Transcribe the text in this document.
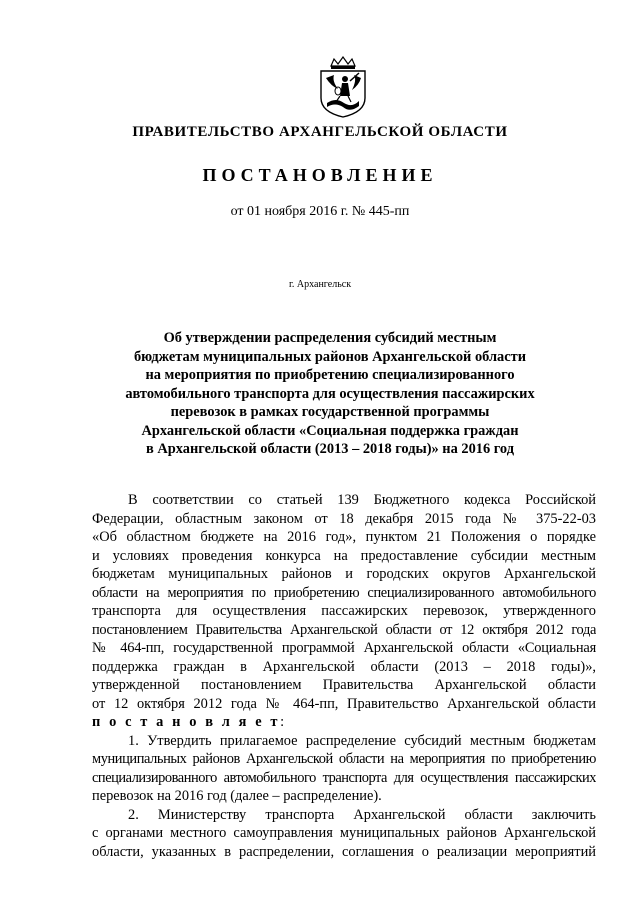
ПРАВИТЕЛЬСТВО АРХАНГЕЛЬСКОЙ ОБЛАСТИ
ПОСТАНОВЛЕНИЕ
от 01 ноября 2016 г. № 445-пп
г. Архангельск
Об утверждении распределения субсидий местным
бюджетам муниципальных районов Архангельской области
на мероприятия по приобретению специализированного
автомобильного транспорта для осуществления пассажирских
перевозок в рамках государственной программы
Архангельской области «Социальная поддержка граждан
в Архангельской области (2013 – 2018 годы)» на 2016 год
В соответствии со статьей 139 Бюджетного кодекса Российской
Федерации, областным законом от 18 декабря 2015 года № 375-22-03
«Об областном бюджете на 2016 год», пунктом 21 Положения о порядке
и условиях проведения конкурса на предоставление субсидии местным
бюджетам муниципальных районов и городских округов Архангельской
области на мероприятия по приобретению специализированного автомобильного
транспорта для осуществления пассажирских перевозок, утвержденного
постановлением Правительства Архангельской области от 12 октября 2012 года
№ 464-пп, государственной программой Архангельской области «Социальная
поддержка граждан в Архангельской области (2013 – 2018 годы)»,
утвержденной постановлением Правительства Архангельской области
от 12 октября 2012 года № 464-пп, Правительство Архангельской области
п о с т а н о в л я е т:
1. Утвердить прилагаемое распределение субсидий местным бюджетам
муниципальных районов Архангельской области на мероприятия по приобретению
специализированного автомобильного транспорта для осуществления пассажирских
перевозок на 2016 год (далее – распределение).
2. Министерству транспорта Архангельской области заключить
с органами местного самоуправления муниципальных районов Архангельской
области, указанных в распределении, соглашения о реализации мероприятий
